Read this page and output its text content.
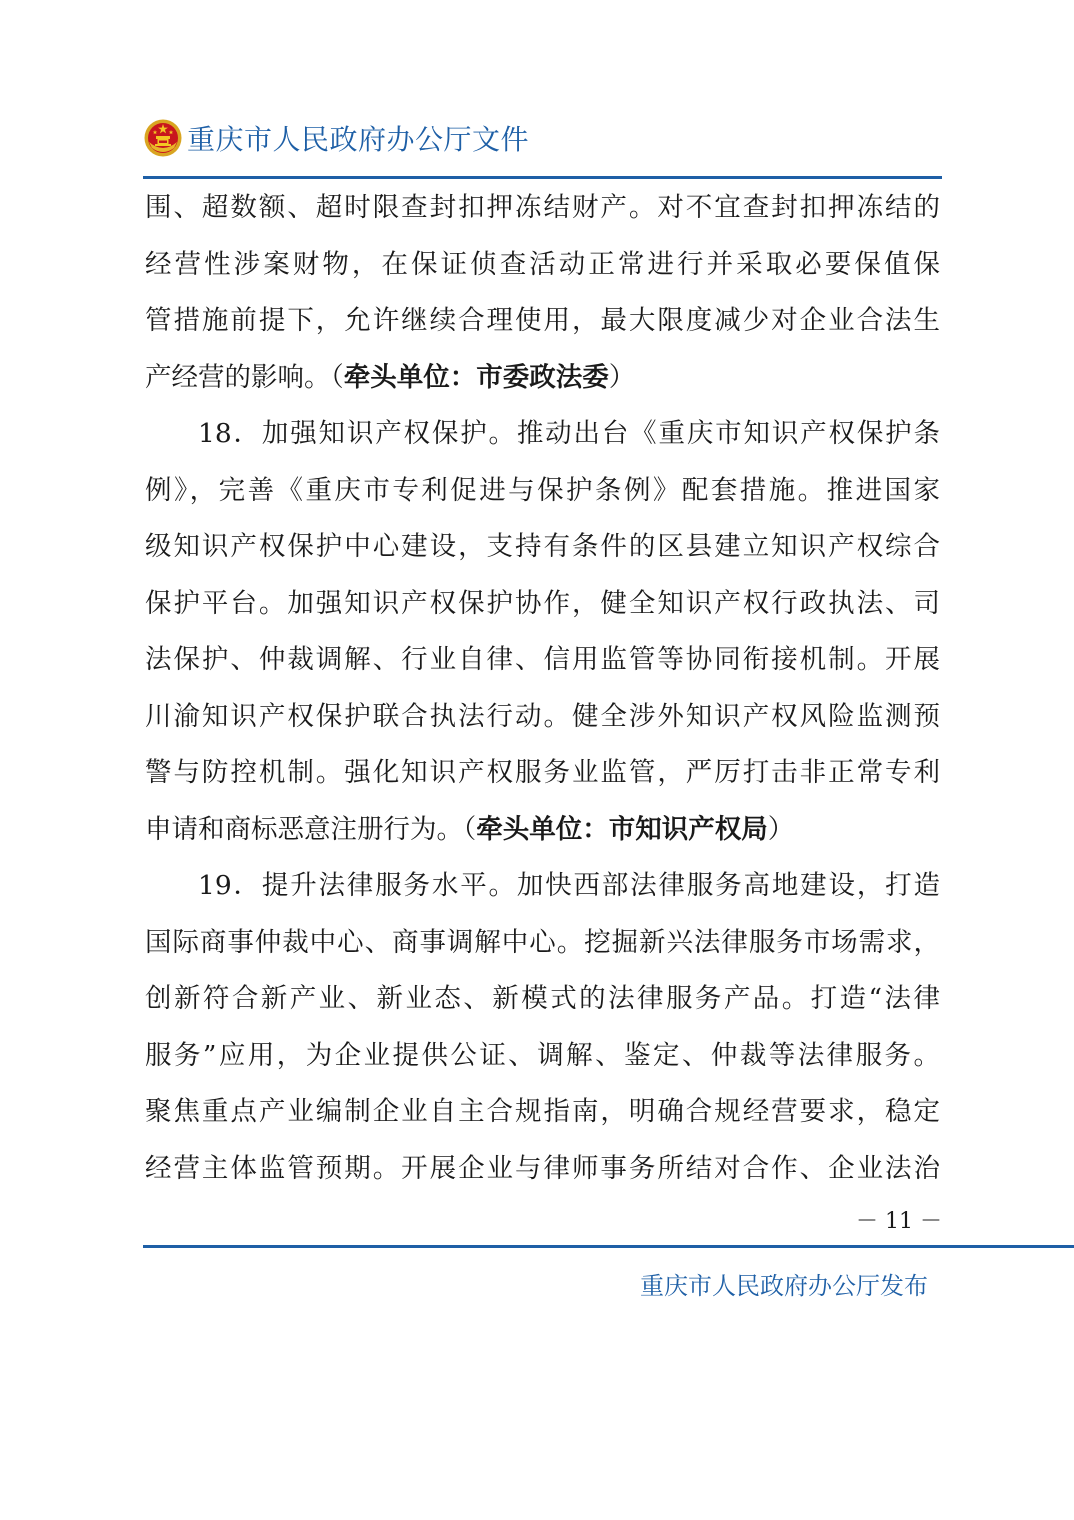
重庆市人民政府办公厅文件
围、超数额、超时限查封扣押冻结财产。对不宜查封扣押冻结的
经营性涉案财物，在保证侦查活动正常进行并采取必要保值保
管措施前提下，允许继续合理使用，最大限度减少对企业合法生
产经营的影响。（牵头单位：市委政法委）
18．加强知识产权保护。推动出台《重庆市知识产权保护条
例》，完善《重庆市专利促进与保护条例》配套措施。推进国家
级知识产权保护中心建设，支持有条件的区县建立知识产权综合
保护平台。加强知识产权保护协作，健全知识产权行政执法、司
法保护、仲裁调解、行业自律、信用监管等协同衔接机制。开展
川渝知识产权保护联合执法行动。健全涉外知识产权风险监测预
警与防控机制。强化知识产权服务业监管，严厉打击非正常专利
申请和商标恶意注册行为。（牵头单位：市知识产权局）
19．提升法律服务水平。加快西部法律服务高地建设，打造
国际商事仲裁中心、商事调解中心。挖掘新兴法律服务市场需求，
创新符合新产业、新业态、新模式的法律服务产品。打造“法律
服务”应用，为企业提供公证、调解、鉴定、仲裁等法律服务。
聚焦重点产业编制企业自主合规指南，明确合规经营要求，稳定
经营主体监管预期。开展企业与律师事务所结对合作、企业法治
－ 11 －
重庆市人民政府办公厅发布
